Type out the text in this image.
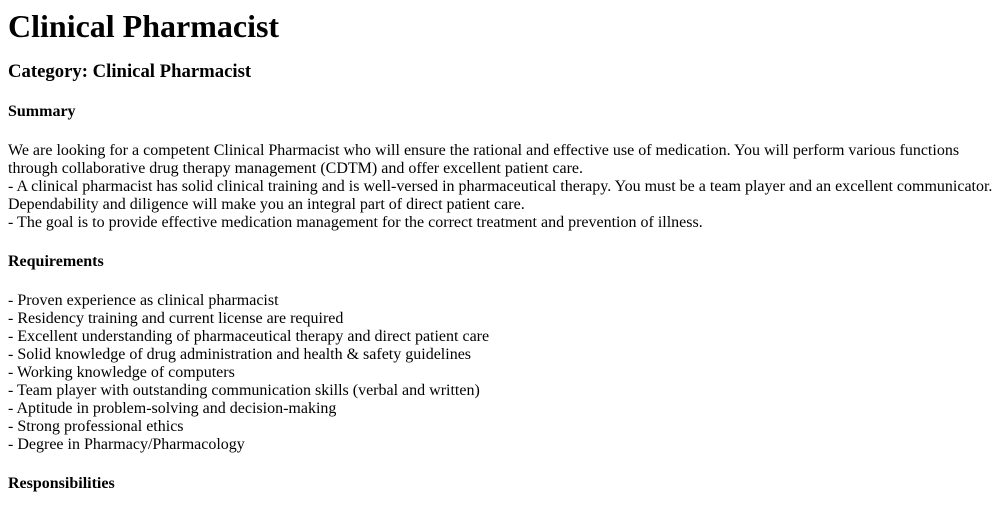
Clinical Pharmacist
Category: Clinical Pharmacist
Summary
We are looking for a competent Clinical Pharmacist who will ensure the rational and effective use of medication. You will perform various functions through collaborative drug therapy management (CDTM) and offer excellent patient care.
- A clinical pharmacist has solid clinical training and is well-versed in pharmaceutical therapy. You must be a team player and an excellent communicator. Dependability and diligence will make you an integral part of direct patient care.
- The goal is to provide effective medication management for the correct treatment and prevention of illness.
Requirements
- Proven experience as clinical pharmacist
- Residency training and current license are required
- Excellent understanding of pharmaceutical therapy and direct patient care
- Solid knowledge of drug administration and health & safety guidelines
- Working knowledge of computers
- Team player with outstanding communication skills (verbal and written)
- Aptitude in problem-solving and decision-making
- Strong professional ethics
- Degree in Pharmacy/Pharmacology
Responsibilities
